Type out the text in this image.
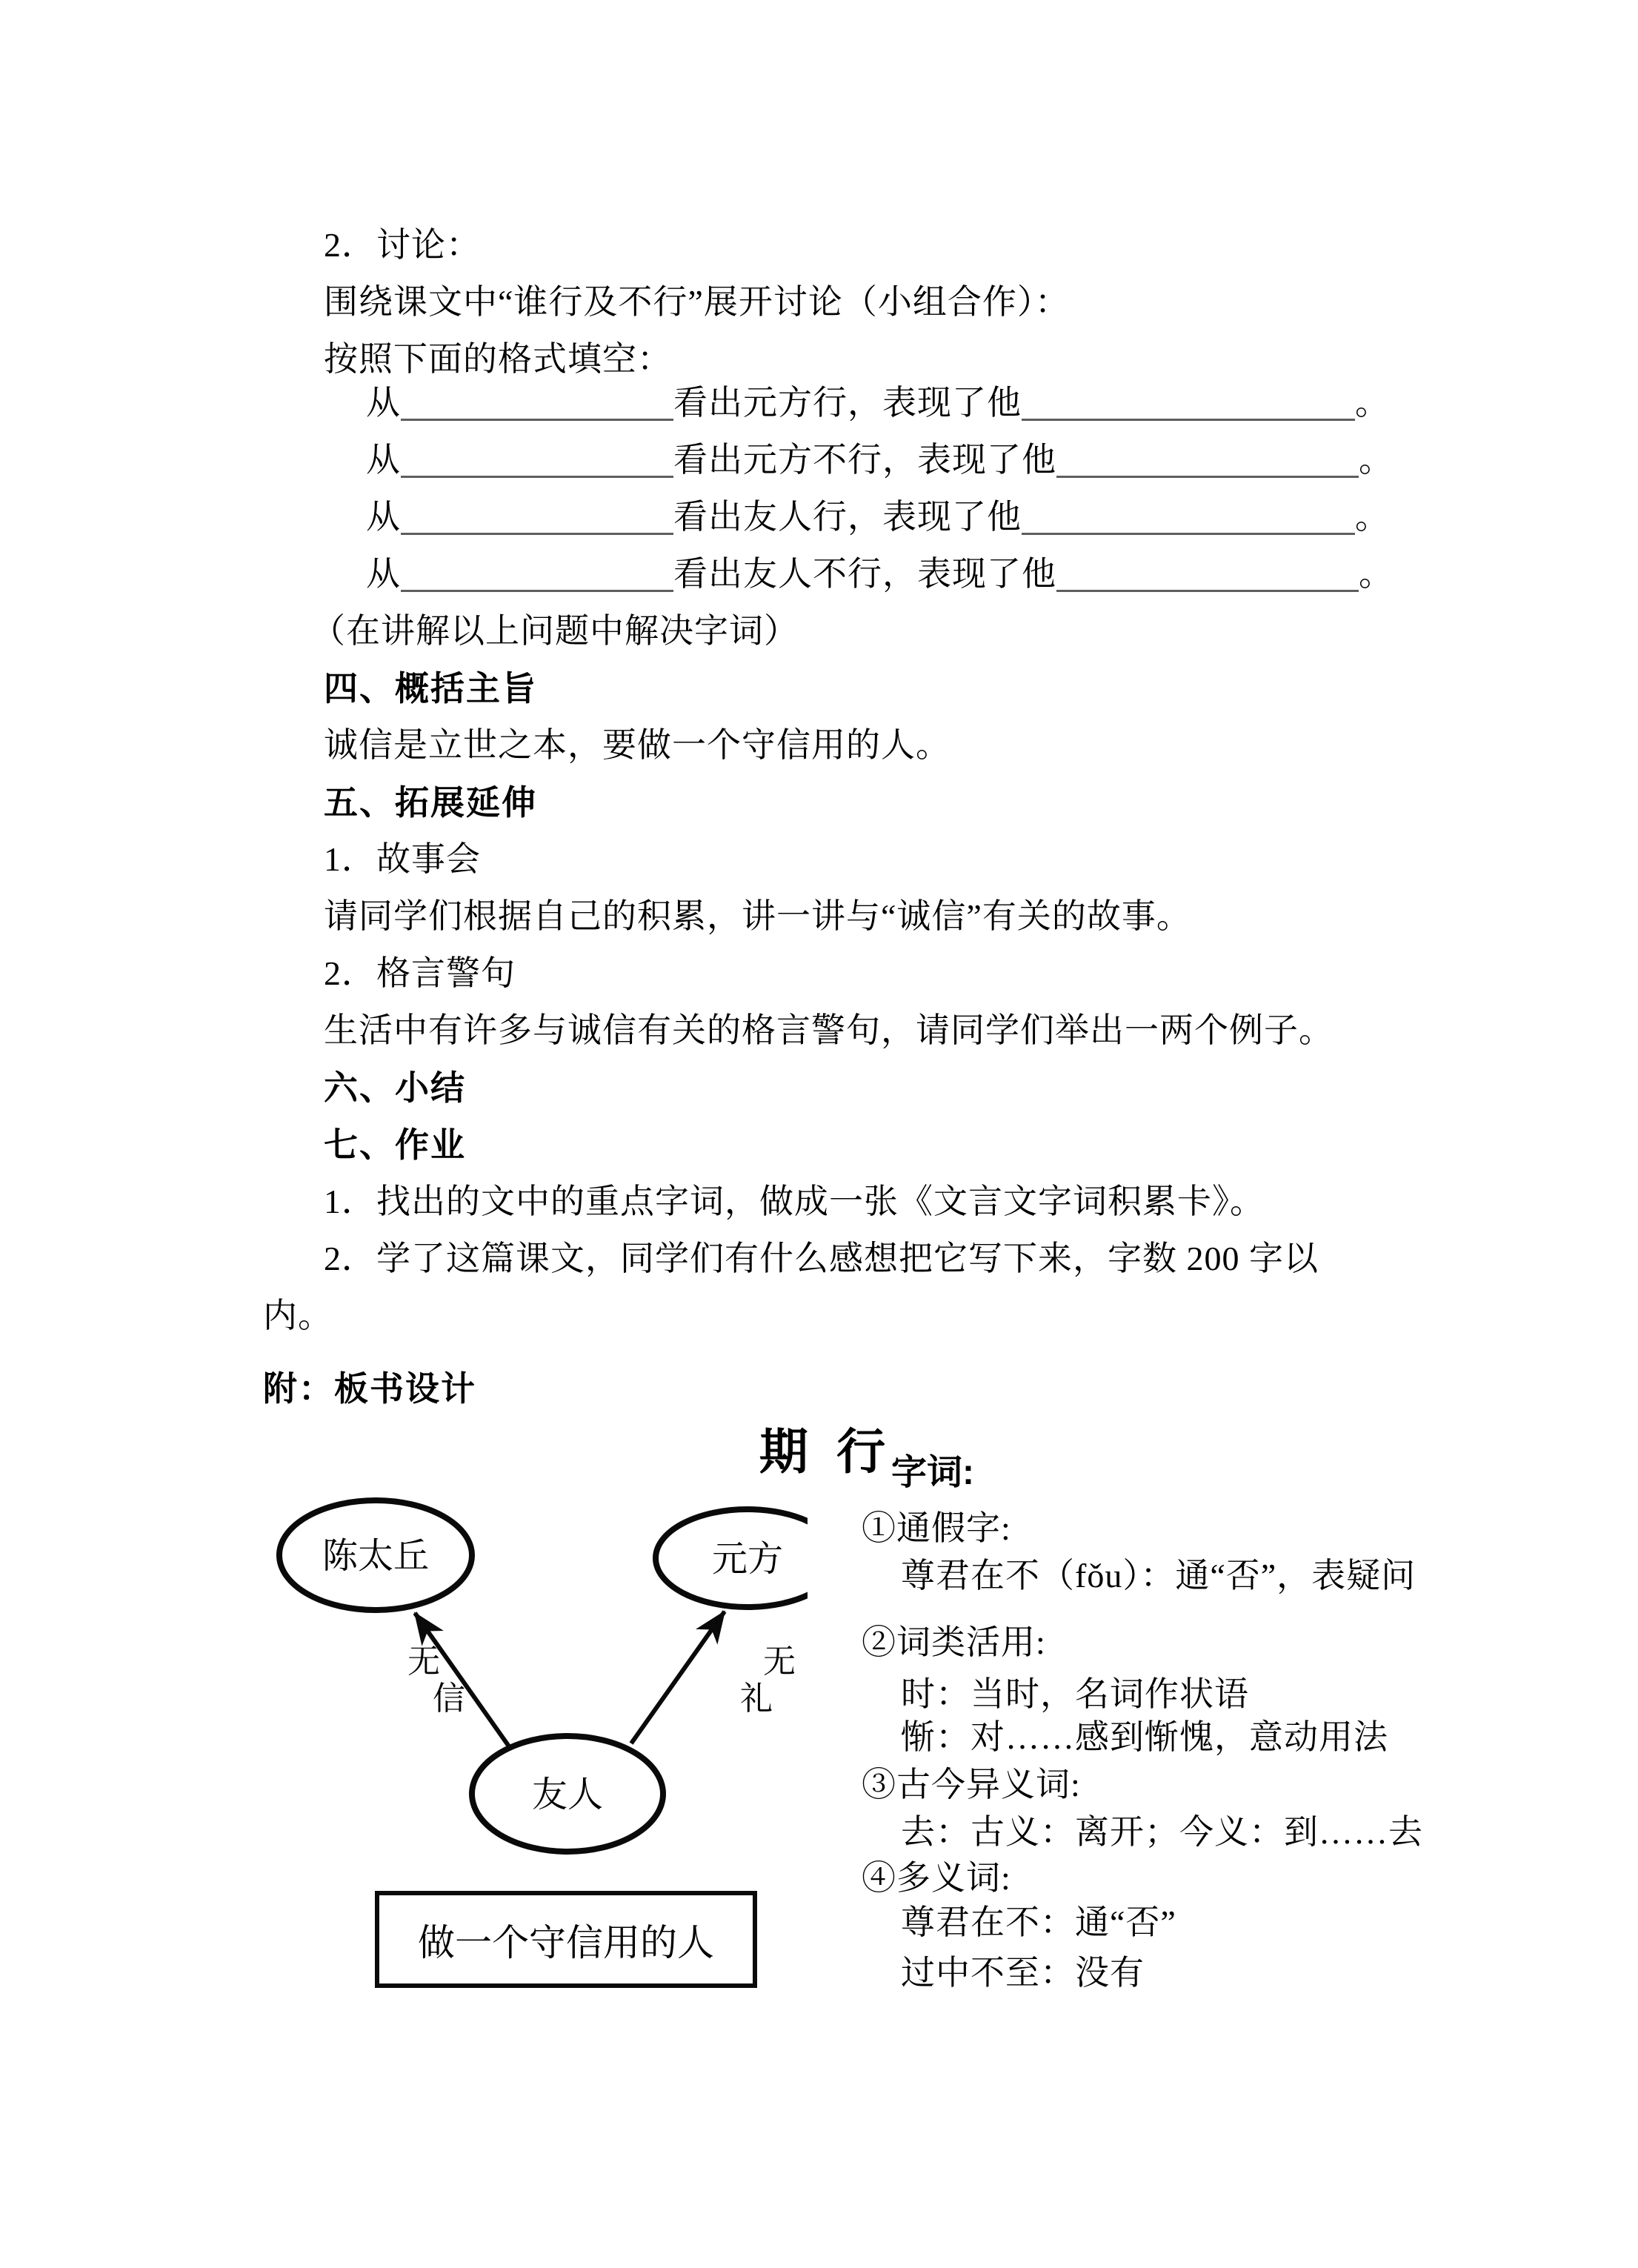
2．讨论：
围绕课文中“谁行及不行”展开讨论（小组合作）：
按照下面的格式填空：
从	看出元方行，表现了他	。
从	看出元方不行，表现了他	。
从	看出友人行，表现了他	。
从	看出友人不行，表现了他	。
（在讲解以上问题中解决字词）
四、概括主旨
诚信是立世之本，要做一个守信用的人。
五、拓展延伸
1．故事会
请同学们根据自己的积累，讲一讲与“诚信”有关的故事。
2．格言警句
生活中有许多与诚信有关的格言警句，请同学们举出一两个例子。
六、小结
七、作业
1．找出的文中的重点字词，做成一张《文言文字词积累卡》。
2．学了这篇课文，同学们有什么感想把它写下来，字数 200 字以
内。
附：板书设计
期 行
陈太丘	元方
友人
无
信
无
礼
做一个守信用的人
字词:
①通假字:
尊君在不（fǒu）：通“否”，表疑问
②词类活用:
时：当时，名词作状语
惭：对……感到惭愧，意动用法
③古今异义词:
去：古义：离开；今义：到……去
④多义词:
尊君在不：通“否”
过中不至：没有
